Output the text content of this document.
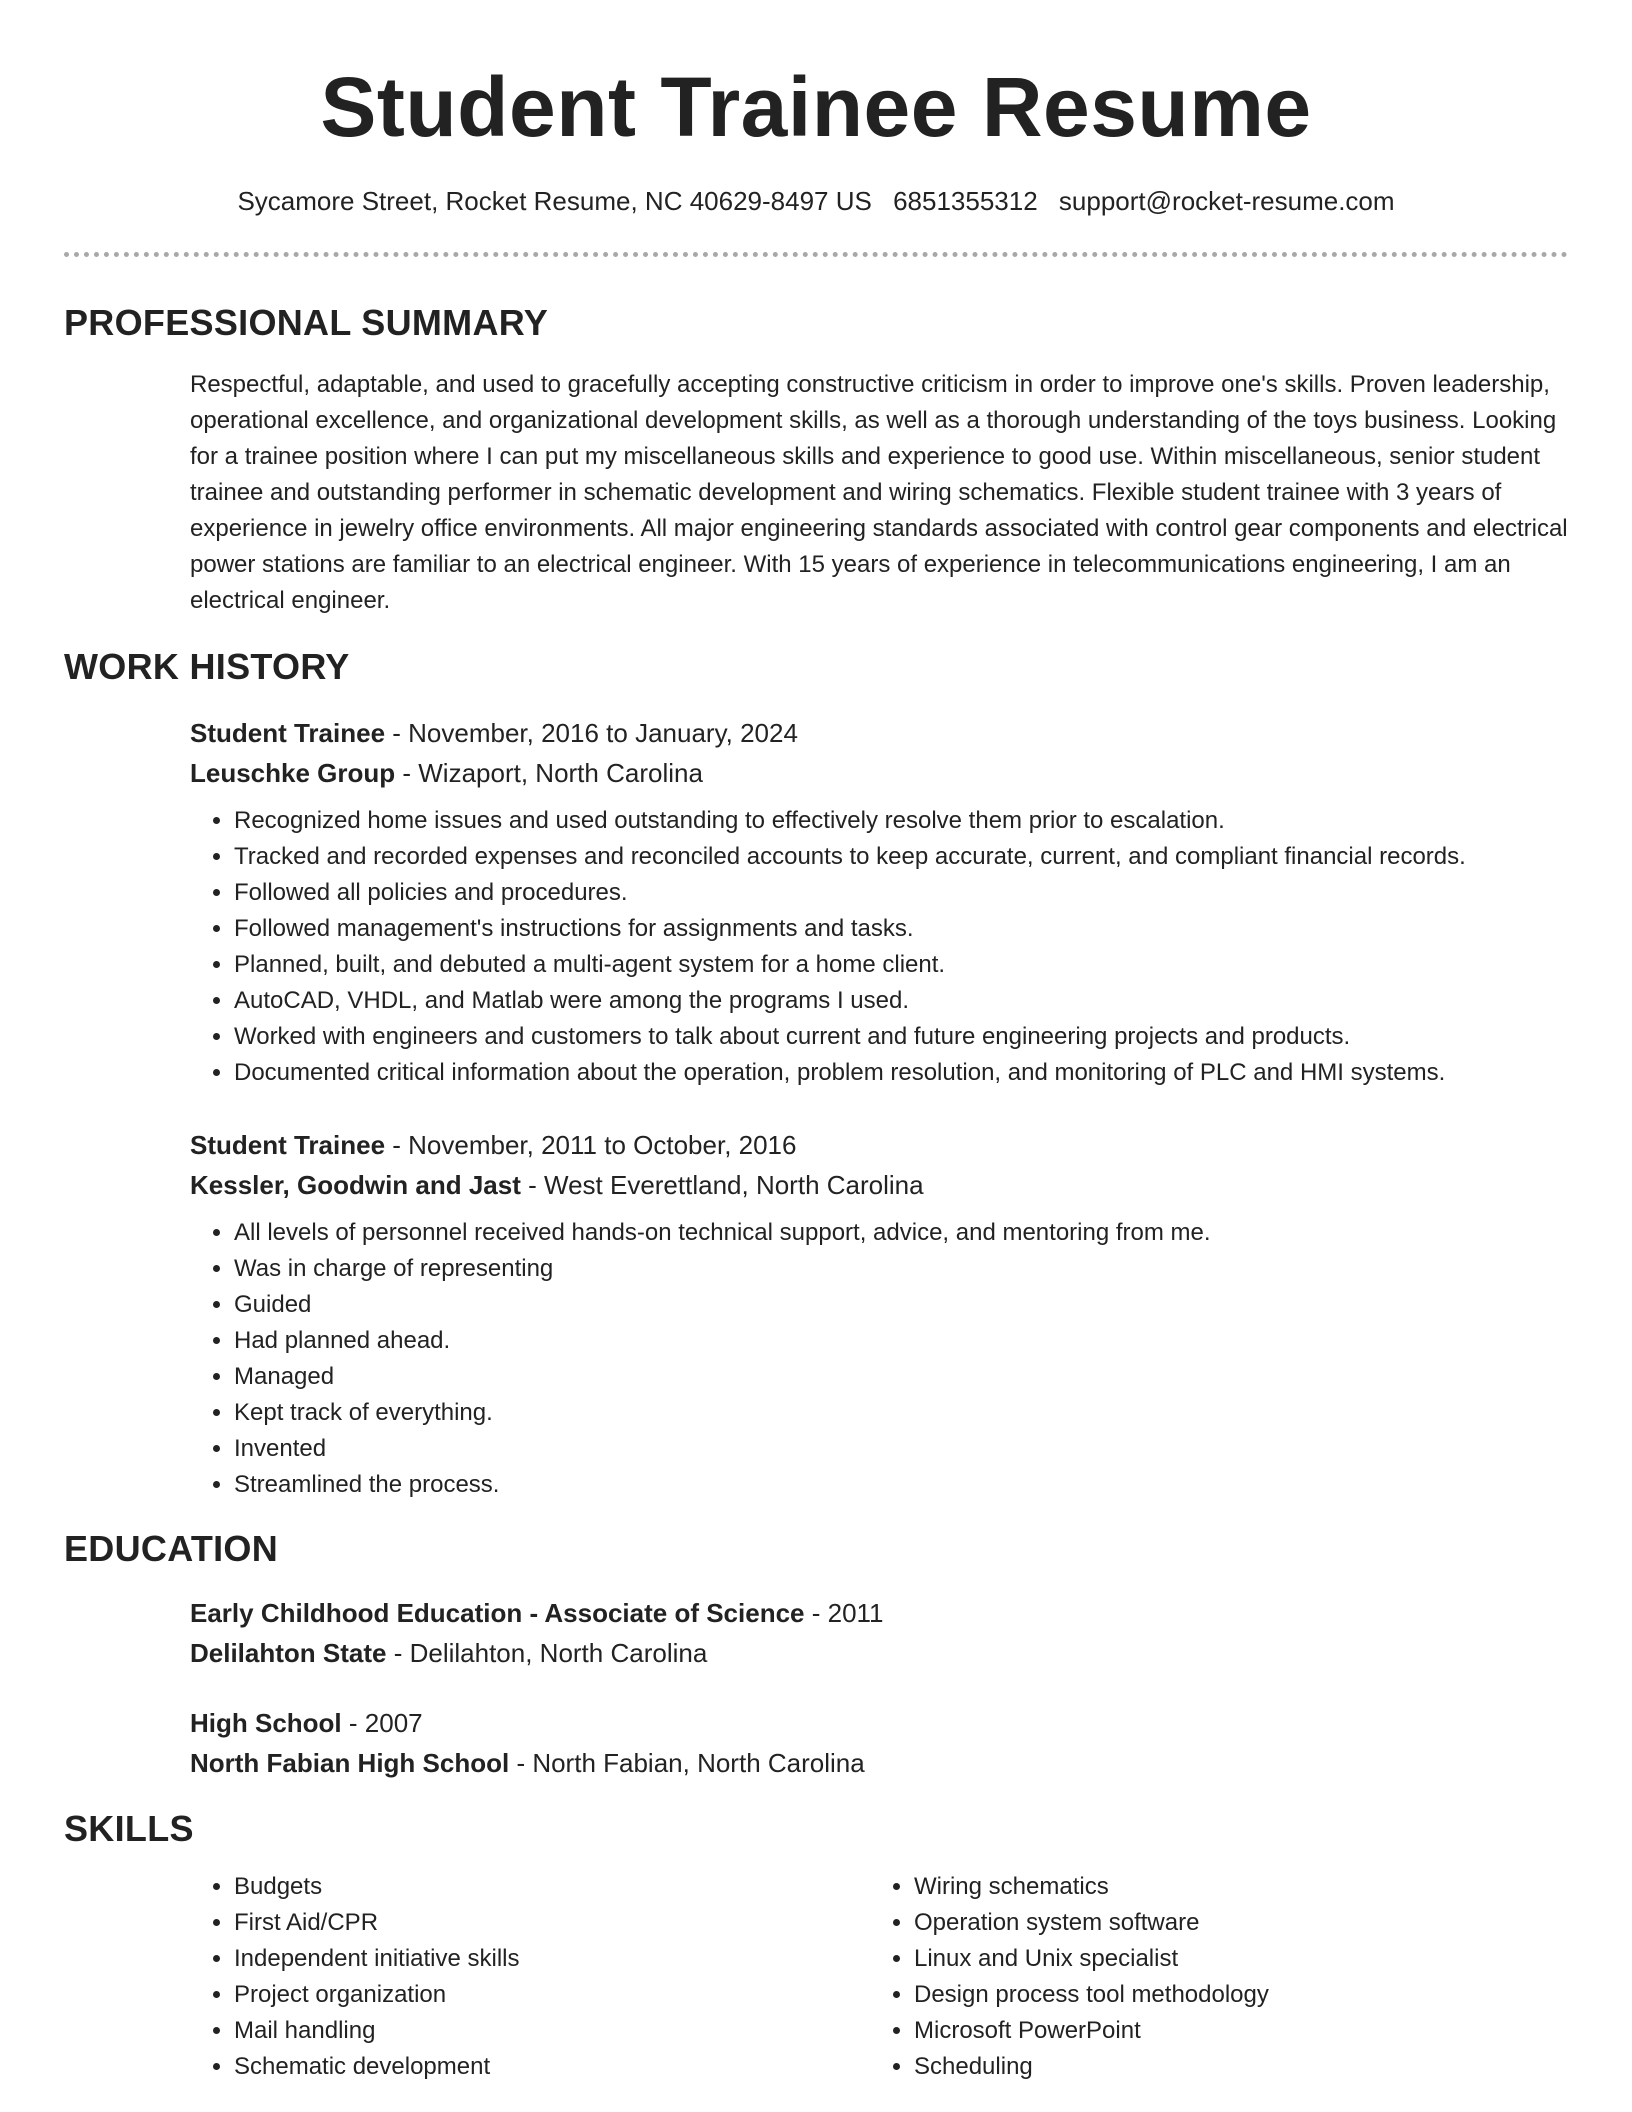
Student Trainee Resume
Sycamore Street, Rocket Resume, NC 40629-8497 US 6851355312 support@rocket-resume.com
PROFESSIONAL SUMMARY

Respectful, adaptable, and used to gracefully accepting constructive criticism in order to improve one's skills. Proven leadership, operational excellence, and organizational development skills, as well as a thorough understanding of the toys business. Looking for a trainee position where I can put my miscellaneous skills and experience to good use. Within miscellaneous, senior student trainee and outstanding performer in schematic development and wiring schematics. Flexible student trainee with 3 years of experience in jewelry office environments. All major engineering standards associated with control gear components and electrical power stations are familiar to an electrical engineer. With 15 years of experience in telecommunications engineering, I am an electrical engineer.

WORK HISTORY
Student Trainee - November, 2016 to January, 2024
Leuschke Group - Wizaport, North Carolina
• Recognized home issues and used outstanding to effectively resolve them prior to escalation.
• Tracked and recorded expenses and reconciled accounts to keep accurate, current, and compliant financial records.
• Followed all policies and procedures.
• Followed management's instructions for assignments and tasks.
• Planned, built, and debuted a multi-agent system for a home client.
• AutoCAD, VHDL, and Matlab were among the programs I used.
• Worked with engineers and customers to talk about current and future engineering projects and products.
• Documented critical information about the operation, problem resolution, and monitoring of PLC and HMI systems.
Student Trainee - November, 2011 to October, 2016
Kessler, Goodwin and Jast - West Everettland, North Carolina
• All levels of personnel received hands-on technical support, advice, and mentoring from me.
• Was in charge of representing
• Guided
• Had planned ahead.
• Managed
• Kept track of everything.
• Invented
• Streamlined the process.
EDUCATION
Early Childhood Education - Associate of Science - 2011
Delilahton State - Delilahton, North Carolina
High School - 2007
North Fabian High School - North Fabian, North Carolina
SKILLS
• Budgets
• First Aid/CPR
• Independent initiative skills
• Project organization
• Mail handling
• Schematic development
• Wiring schematics
• Operation system software
• Linux and Unix specialist
• Design process tool methodology
• Microsoft PowerPoint
• Scheduling
